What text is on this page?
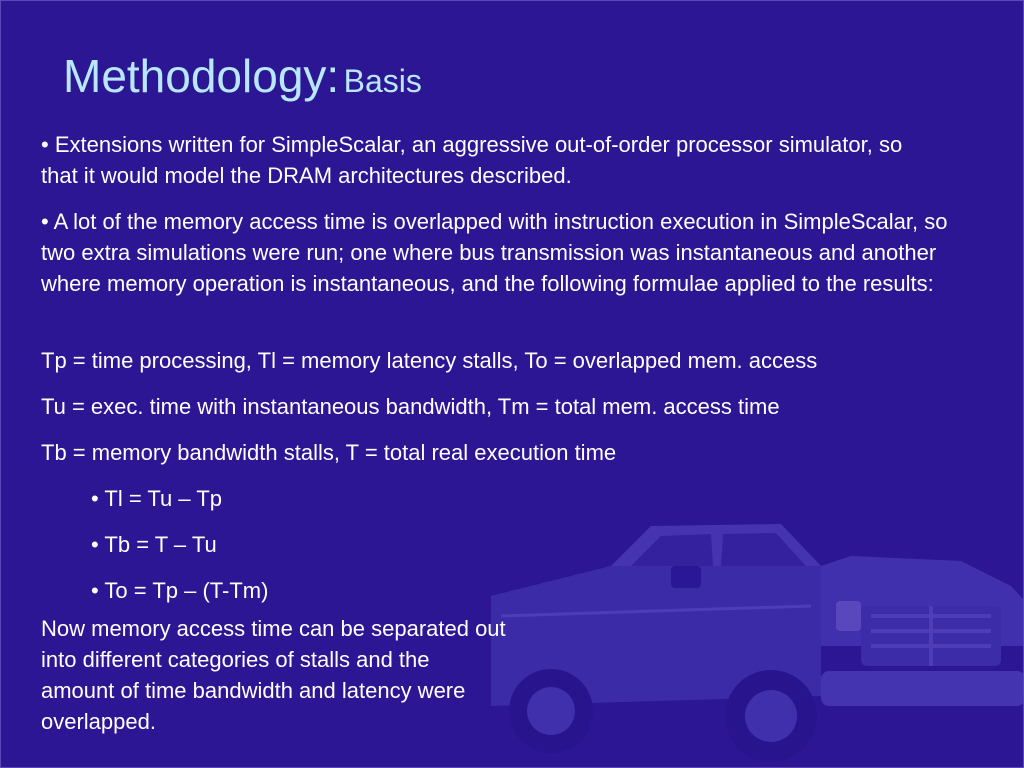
Methodology: Basis
• Extensions written for SimpleScalar, an aggressive out-of-order processor simulator, so that it would model the DRAM architectures described.
• A lot of the memory access time is overlapped with instruction execution in SimpleScalar, so two extra simulations were run; one where bus transmission was instantaneous and another where memory operation is instantaneous, and the following formulae applied to the results:
Tp = time processing, Tl = memory latency stalls, To = overlapped mem. access
Tu = exec. time with instantaneous bandwidth, Tm = total mem. access time
Tb = memory bandwidth stalls, T = total real execution time
• Tl = Tu – Tp
• Tb = T – Tu
• To = Tp – (T-Tm)
Now memory access time can be separated out into different categories of stalls and the amount of time bandwidth and latency were overlapped.
